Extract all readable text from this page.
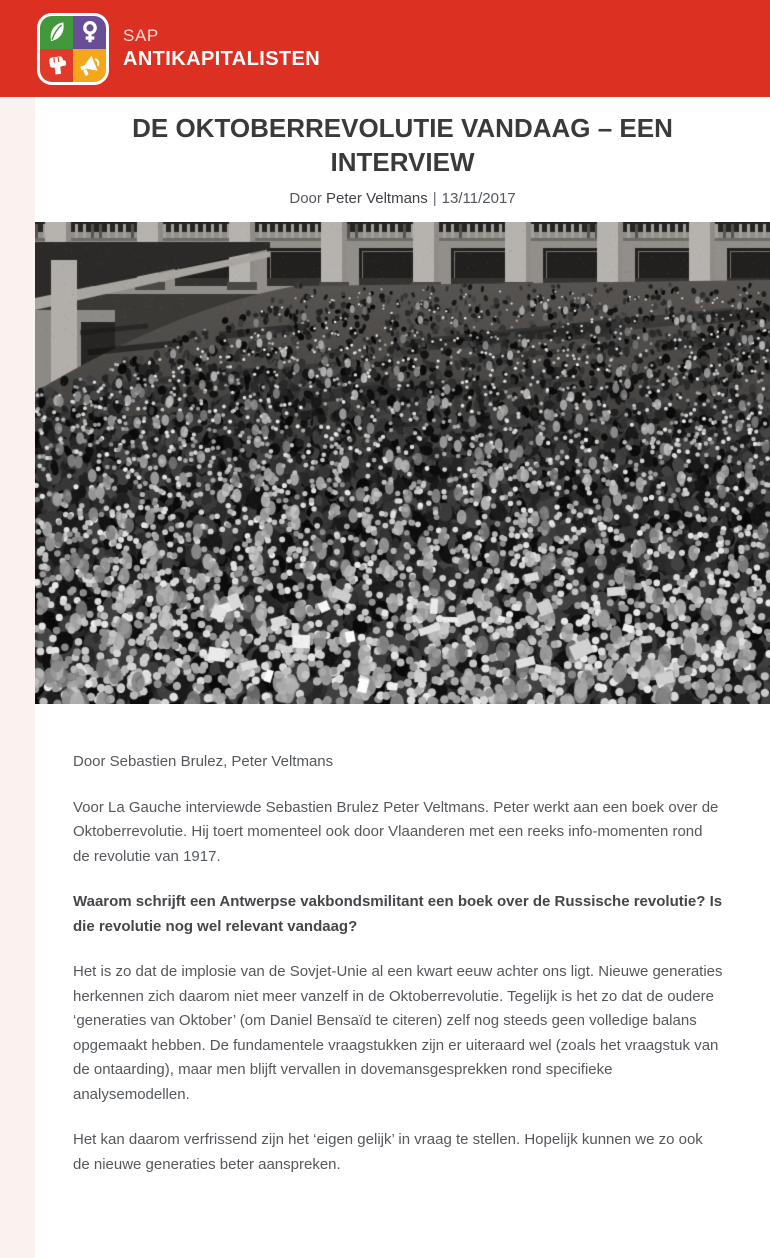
SAP
ANTIKAPITALISTEN
DE OKTOBERREVOLUTIE VANDAAG – EEN INTERVIEW

Door Peter Veltmans | 13/11/2017

Door Sebastien Brulez, Peter Veltmans

Voor La Gauche interviewde Sebastien Brulez Peter Veltmans. Peter werkt aan een boek over de Oktoberrevolutie. Hij toert momenteel ook door Vlaanderen met een reeks info-momenten rond de revolutie van 1917.

Waarom schrijft een Antwerpse vakbondsmilitant een boek over de Russische revolutie? Is die revolutie nog wel relevant vandaag?

Het is zo dat de implosie van de Sovjet-Unie al een kwart eeuw achter ons ligt. Nieuwe generaties herkennen zich daarom niet meer vanzelf in de Oktoberrevolutie. Tegelijk is het zo dat de oudere ‘generaties van Oktober’ (om Daniel Bensaïd te citeren) zelf nog steeds geen volledige balans opgemaakt hebben. De fundamentele vraagstukken zijn er uiteraard wel (zoals het vraagstuk van de ontaarding), maar men blijft vervallen in dovemansgesprekken rond specifieke analysemodellen.

Het kan daarom verfrissend zijn het ‘eigen gelijk’ in vraag te stellen. Hopelijk kunnen we zo ook de nieuwe generaties beter aanspreken.
